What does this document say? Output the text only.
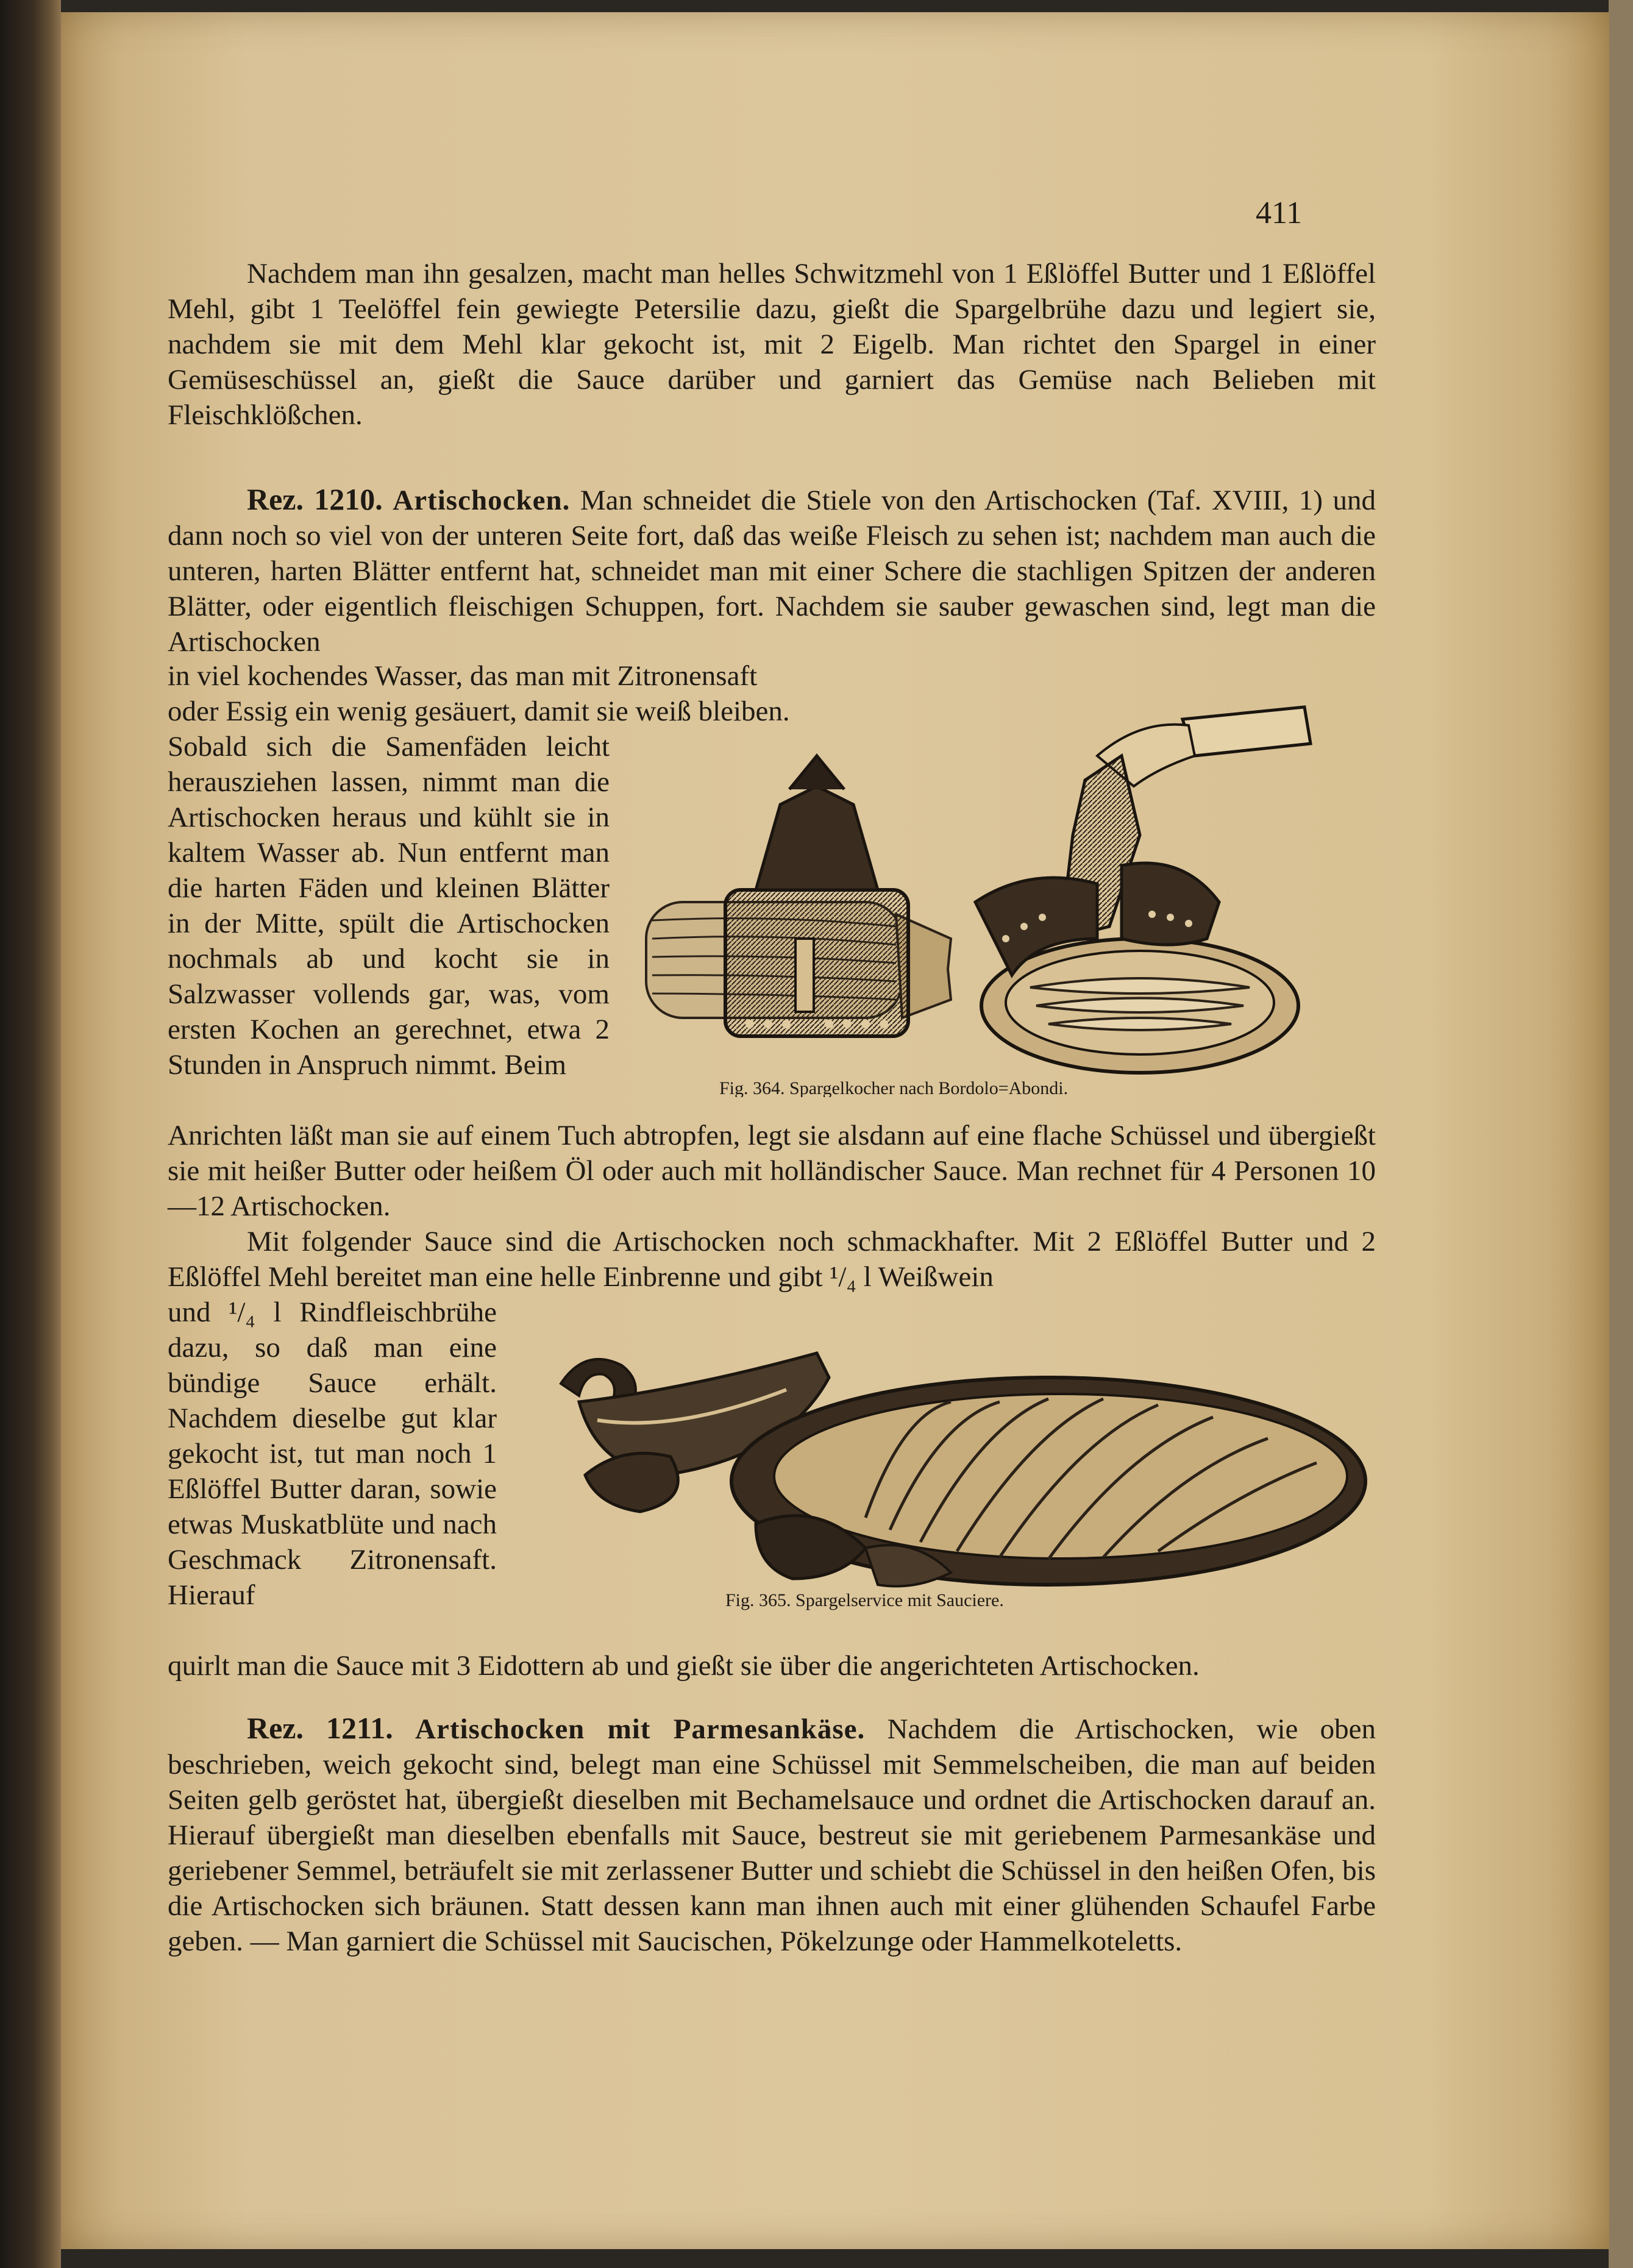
411

Nachdem man ihn gesalzen, macht man helles Schwitzmehl von 1 Eßlöffel Butter und 1 Eßlöffel Mehl, gibt 1 Teelöffel fein gewiegte Petersilie dazu, gießt die Spargelbrühe dazu und legiert sie, nachdem sie mit dem Mehl klar gekocht ist, mit 2 Eigelb. Man richtet den Spargel in einer Gemüseschüssel an, gießt die Sauce darüber und garniert das Gemüse nach Belieben mit Fleischklößchen.

Rez. 1210. Artischocken. Man schneidet die Stiele von den Artischocken (Taf. XVIII, 1) und dann noch so viel von der unteren Seite fort, daß das weiße Fleisch zu sehen ist; nachdem man auch die unteren, harten Blätter entfernt hat, schneidet man mit einer Schere die stachligen Spitzen der anderen Blätter, oder eigentlich fleischigen Schuppen, fort. Nachdem sie sauber gewaschen sind, legt man die Artischocken

in viel kochendes Wasser, das man mit Zitronensaft

oder Essig ein wenig gesäuert, damit sie weiß bleiben.

Sobald sich die Samenfäden leicht herausziehen lassen, nimmt man die Artischocken heraus und kühlt sie in kaltem Wasser ab. Nun entfernt man die harten Fäden und kleinen Blätter in der Mitte, spült die Artischocken nochmals ab und kocht sie in Salzwasser vollends gar, was, vom ersten Kochen an gerechnet, etwa 2 Stunden in Anspruch nimmt. Beim

Fig. 364. Spargelkocher nach Bordolo=Abondi.

Anrichten läßt man sie auf einem Tuch abtropfen, legt sie alsdann auf eine flache Schüssel und übergießt sie mit heißer Butter oder heißem Öl oder auch mit holländischer Sauce. Man rechnet für 4 Personen 10—12 Artischocken.

Mit folgender Sauce sind die Artischocken noch schmackhafter. Mit 2 Eßlöffel Butter und 2 Eßlöffel Mehl bereitet man eine helle Einbrenne und gibt ¹/₄ l Weißwein

und ¹/₄ l Rindfleischbrühe dazu, so daß man eine bündige Sauce erhält. Nachdem dieselbe gut klar gekocht ist, tut man noch 1 Eßlöffel Butter daran, sowie etwas Muskatblüte und nach Geschmack Zitronensaft. Hierauf	Fig. 365. Spargelservice mit Sauciere.

quirlt man die Sauce mit 3 Eidottern ab und gießt sie über die angerichteten Artischocken.

Rez. 1211. Artischocken mit Parmesankäse. Nachdem die Artischocken, wie oben beschrieben, weich gekocht sind, belegt man eine Schüssel mit Semmelscheiben, die man auf beiden Seiten gelb geröstet hat, übergießt dieselben mit Bechamelsauce und ordnet die Artischocken darauf an. Hierauf übergießt man dieselben ebenfalls mit Sauce, bestreut sie mit geriebenem Parmesankäse und geriebener Semmel, beträufelt sie mit zerlassener Butter und schiebt die Schüssel in den heißen Ofen, bis die Artischocken sich bräunen. Statt dessen kann man ihnen auch mit einer glühenden Schaufel Farbe geben. — Man garniert die Schüssel mit Saucischen, Pökelzunge oder Hammelkoteletts.
